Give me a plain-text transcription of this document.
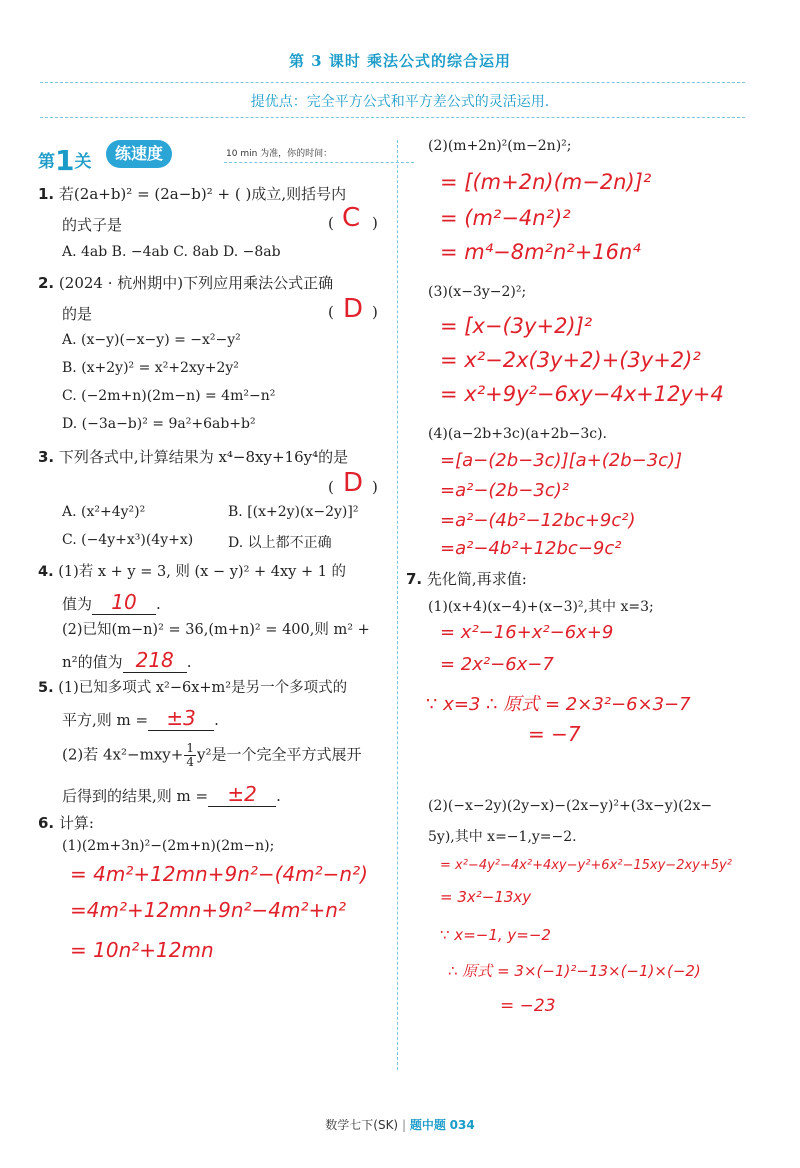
第 3 课时 乘法公式的综合运用
提优点：完全平方公式和平方差公式的灵活运用.
第1关	练速度	10 min 为准，你的时间：
1. 若(2a+b)² = (2a−b)² + ( )成立,则括号内
的式子是	( C )
A. 4ab B. −4ab C. 8ab D. −8ab
2. (2024 · 杭州期中)下列应用乘法公式正确
的是	( D )
A. (x−y)(−x−y) = −x²−y²
B. (x+2y)² = x²+2xy+2y²
C. (−2m+n)(2m−n) = 4m²−n²
D. (−3a−b)² = 9a²+6ab+b²
3. 下列各式中,计算结果为 x⁴−8xy+16y⁴的是
( D )
A. (x²+4y²)²	B. [(x+2y)(x−2y)]²
C. (−4y+x³)(4y+x) D. 以上都不正确
4. (1)若 x + y = 3, 则 (x − y)² + 4xy + 1 的
值为 10 .
(2)已知(m−n)² = 36,(m+n)² = 400,则 m² +
n²的值为 218 .
5. (1)已知多项式 x²−6x+m²是另一个多项式的
平方,则 m = ±3 .
(2)若 $4x^2-mxy+ \frac{1}{4} y^2$是一个完全平方式展开
后得到的结果,则 m = ±2 .
6. 计算:
(1)(2m+3n)²−(2m+n)(2m−n);
= 4m²+12mn+9n²−(4m²−n²)
=4m²+12mn+9n²−4m²+n²
= 10n²+12mn
(2)(m+2n)²(m−2n)²;
= [(m+2n)(m−2n)]²
= (m²−4n²)²
= m⁴−8m²n²+16n⁴
(3)(x−3y−2)²;
= [x−(3y+2)]²
= x²−2x(3y+2)+(3y+2)²
= x²+9y²−6xy−4x+12y+4
(4)(a−2b+3c)(a+2b−3c).
=[a−(2b−3c)][a+(2b−3c)]
=a²−(2b−3c)²
=a²−(4b²−12bc+9c²)
=a²−4b²+12bc−9c²
7. 先化简,再求值:
(1)(x+4)(x−4)+(x−3)²,其中 x=3;
= x²−16+x²−6x+9
= 2x²−6x−7
∵ x=3 ∴ 原式 = 2×3²−6×3−7
= −7
(2)(−x−2y)(2y−x)−(2x−y)²+(3x−y)(2x−
5y),其中 x=−1,y=−2.
= x²−4y²−4x²+4xy−y²+6x²−15xy−2xy+5y²
= 3x²−13xy
∵ x=−1, y=−2
∴ 原式 = 3×(−1)²−13×(−1)×(−2)
= −23
数学七下(SK) | 题中题 034
